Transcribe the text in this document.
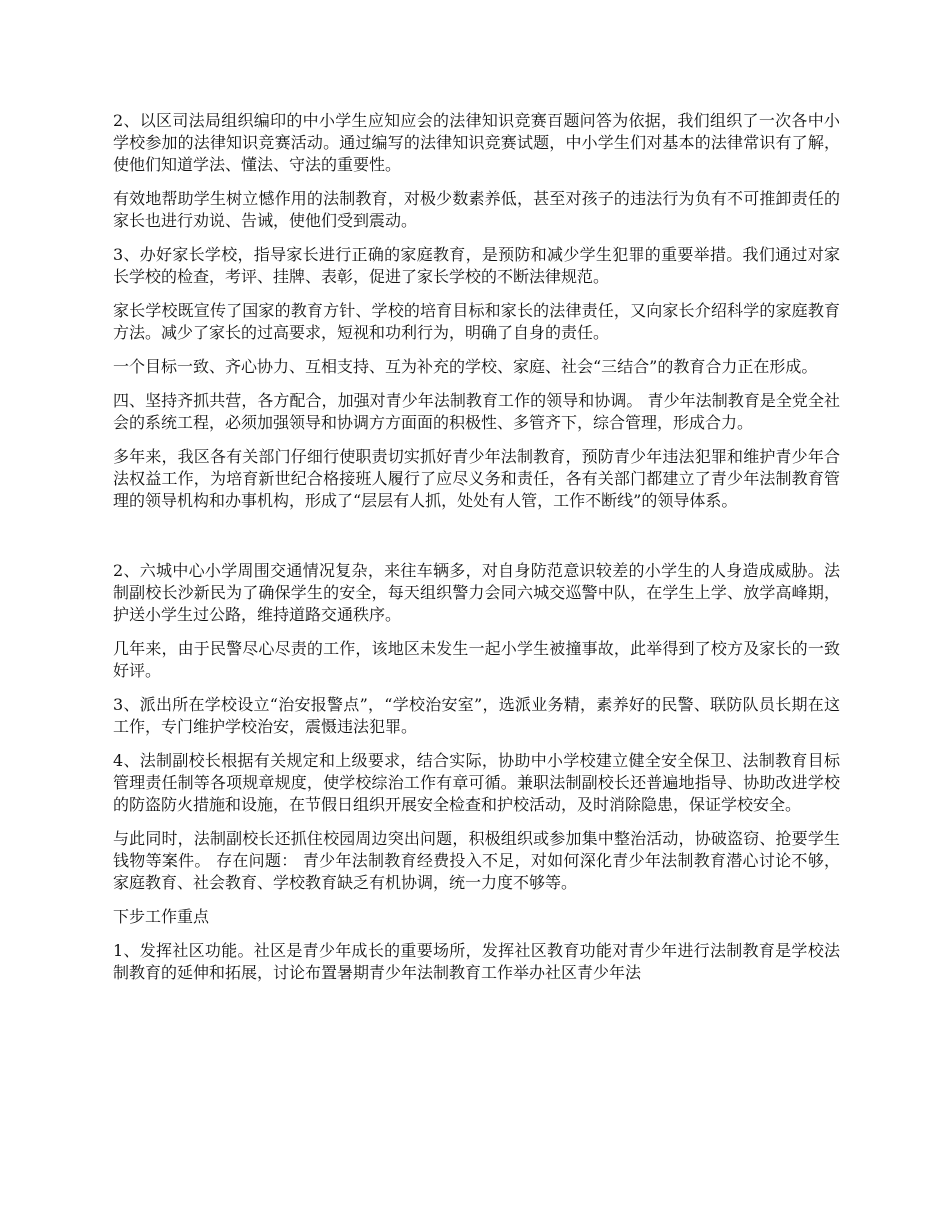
2、以区司法局组织编印的中小学生应知应会的法律知识竞赛百题问答为依据，我们组织了一次各中小学校参加的法律知识竞赛活动。通过编写的法律知识竞赛试题，中小学生们对基本的法律常识有了解，使他们知道学法、懂法、守法的重要性。

有效地帮助学生树立憾作用的法制教育，对极少数素养低，甚至对孩子的违法行为负有不可推卸责任的家长也进行劝说、告诫，使他们受到震动。

3、办好家长学校，指导家长进行正确的家庭教育，是预防和减少学生犯罪的重要举措。我们通过对家长学校的检查，考评、挂牌、表彰，促进了家长学校的不断法律规范。

家长学校既宣传了国家的教育方针、学校的培育目标和家长的法律责任，又向家长介绍科学的家庭教育方法。减少了家长的过高要求，短视和功利行为，明确了自身的责任。

一个目标一致、齐心协力、互相支持、互为补充的学校、家庭、社会“三结合”的教育合力正在形成。

四、坚持齐抓共营，各方配合，加强对青少年法制教育工作的领导和协调。 青少年法制教育是全党全社会的系统工程，必须加强领导和协调方方面面的积极性、多管齐下，综合管理，形成合力。

多年来，我区各有关部门仔细行使职责切实抓好青少年法制教育，预防青少年违法犯罪和维护青少年合法权益工作，为培育新世纪合格接班人履行了应尽义务和责任，各有关部门都建立了青少年法制教育管理的领导机构和办事机构，形成了“层层有人抓，处处有人管，工作不断线”的领导体系。

2、六城中心小学周围交通情况复杂，来往车辆多，对自身防范意识较差的小学生的人身造成威胁。法制副校长沙新民为了确保学生的安全，每天组织警力会同六城交巡警中队，在学生上学、放学高峰期，护送小学生过公路，维持道路交通秩序。

几年来，由于民警尽心尽责的工作，该地区未发生一起小学生被撞事故，此举得到了校方及家长的一致好评。

3、派出所在学校设立“治安报警点”，“学校治安室”，选派业务精，素养好的民警、联防队员长期在这工作，专门维护学校治安，震慑违法犯罪。

4、法制副校长根据有关规定和上级要求，结合实际，协助中小学校建立健全安全保卫、法制教育目标管理责任制等各项规章规度，使学校综治工作有章可循。兼职法制副校长还普遍地指导、协助改进学校的防盗防火措施和设施，在节假日组织开展安全检查和护校活动，及时消除隐患，保证学校安全。

与此同时，法制副校长还抓住校园周边突出问题，积极组织或参加集中整治活动，协破盗窃、抢要学生钱物等案件。 存在问题： 青少年法制教育经费投入不足，对如何深化青少年法制教育潜心讨论不够，家庭教育、社会教育、学校教育缺乏有机协调，统一力度不够等。

下步工作重点

1、发挥社区功能。社区是青少年成长的重要场所，发挥社区教育功能对青少年进行法制教育是学校法制教育的延伸和拓展，讨论布置暑期青少年法制教育工作举办社区青少年法
